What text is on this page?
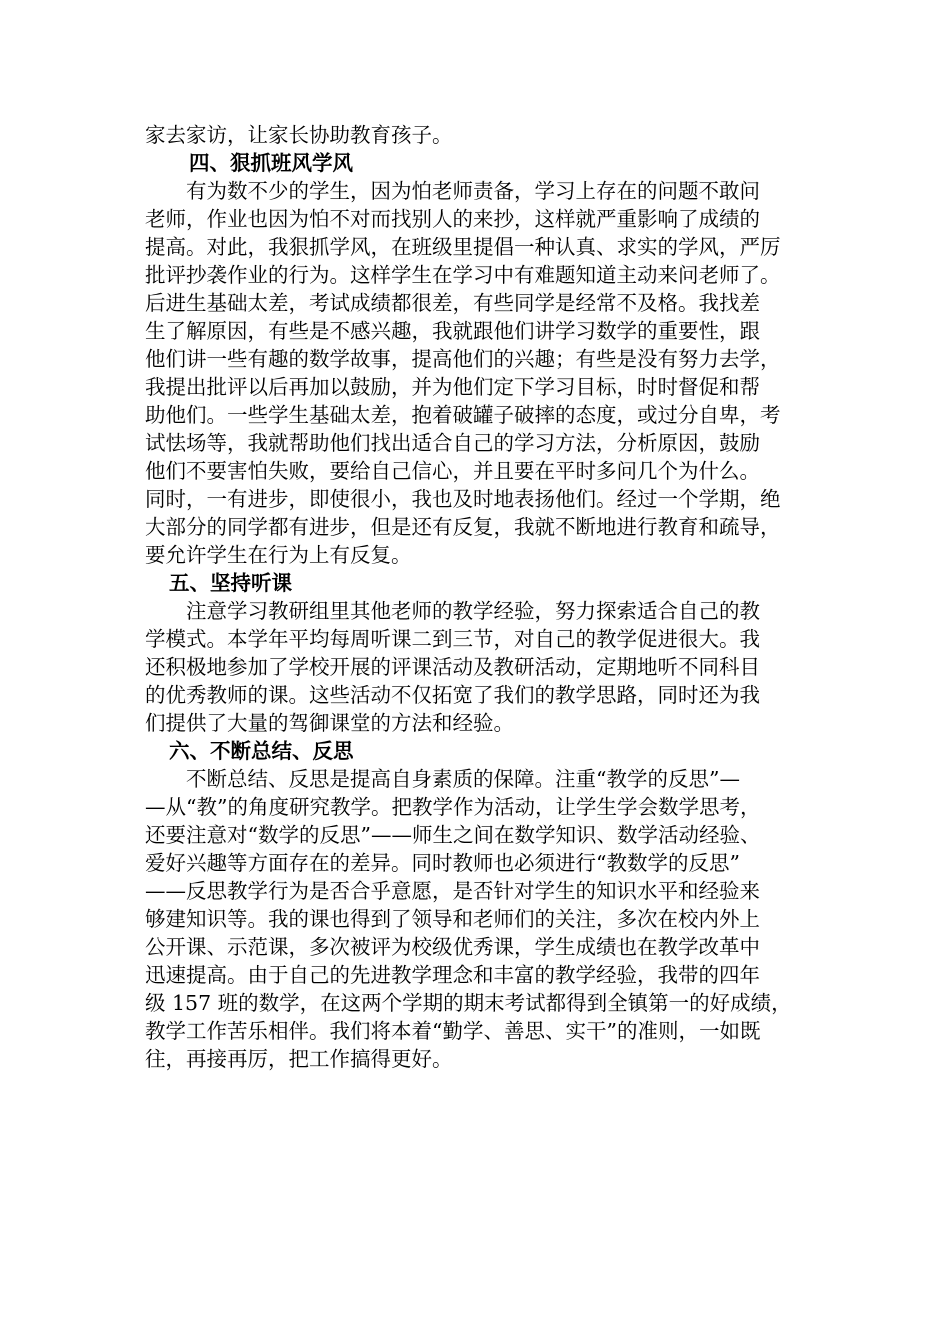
家去家访，让家长协助教育孩子。
四、狠抓班风学风
有为数不少的学生，因为怕老师责备，学习上存在的问题不敢问
老师，作业也因为怕不对而找别人的来抄，这样就严重影响了成绩的
提高。对此，我狠抓学风，在班级里提倡一种认真、求实的学风，严厉
批评抄袭作业的行为。这样学生在学习中有难题知道主动来问老师了。
后进生基础太差，考试成绩都很差，有些同学是经常不及格。我找差
生了解原因，有些是不感兴趣，我就跟他们讲学习数学的重要性，跟
他们讲一些有趣的数学故事，提高他们的兴趣；有些是没有努力去学，
我提出批评以后再加以鼓励，并为他们定下学习目标，时时督促和帮
助他们。一些学生基础太差，抱着破罐子破摔的态度，或过分自卑，考
试怯场等，我就帮助他们找出适合自己的学习方法，分析原因，鼓励
他们不要害怕失败，要给自己信心，并且要在平时多问几个为什么。
同时，一有进步，即使很小，我也及时地表扬他们。经过一个学期，绝
大部分的同学都有进步，但是还有反复，我就不断地进行教育和疏导，
要允许学生在行为上有反复。
五、坚持听课
注意学习教研组里其他老师的教学经验，努力探索适合自己的教
学模式。本学年平均每周听课二到三节，对自己的教学促进很大。我
还积极地参加了学校开展的评课活动及教研活动，定期地听不同科目
的优秀教师的课。这些活动不仅拓宽了我们的教学思路，同时还为我
们提供了大量的驾御课堂的方法和经验。
六、不断总结、反思
不断总结、反思是提高自身素质的保障。注重“教学的反思”—
—从“教”的角度研究教学。把教学作为活动，让学生学会数学思考，
还要注意对“数学的反思”——师生之间在数学知识、数学活动经验、
爱好兴趣等方面存在的差异。同时教师也必须进行“教数学的反思”
——反思教学行为是否合乎意愿，是否针对学生的知识水平和经验来
够建知识等。我的课也得到了领导和老师们的关注，多次在校内外上
公开课、示范课，多次被评为校级优秀课，学生成绩也在教学改革中
迅速提高。由于自己的先进教学理念和丰富的教学经验，我带的四年
级 157 班的数学，在这两个学期的期末考试都得到全镇第一的好成绩，
教学工作苦乐相伴。我们将本着“勤学、善思、实干”的准则，一如既
往，再接再厉，把工作搞得更好。
